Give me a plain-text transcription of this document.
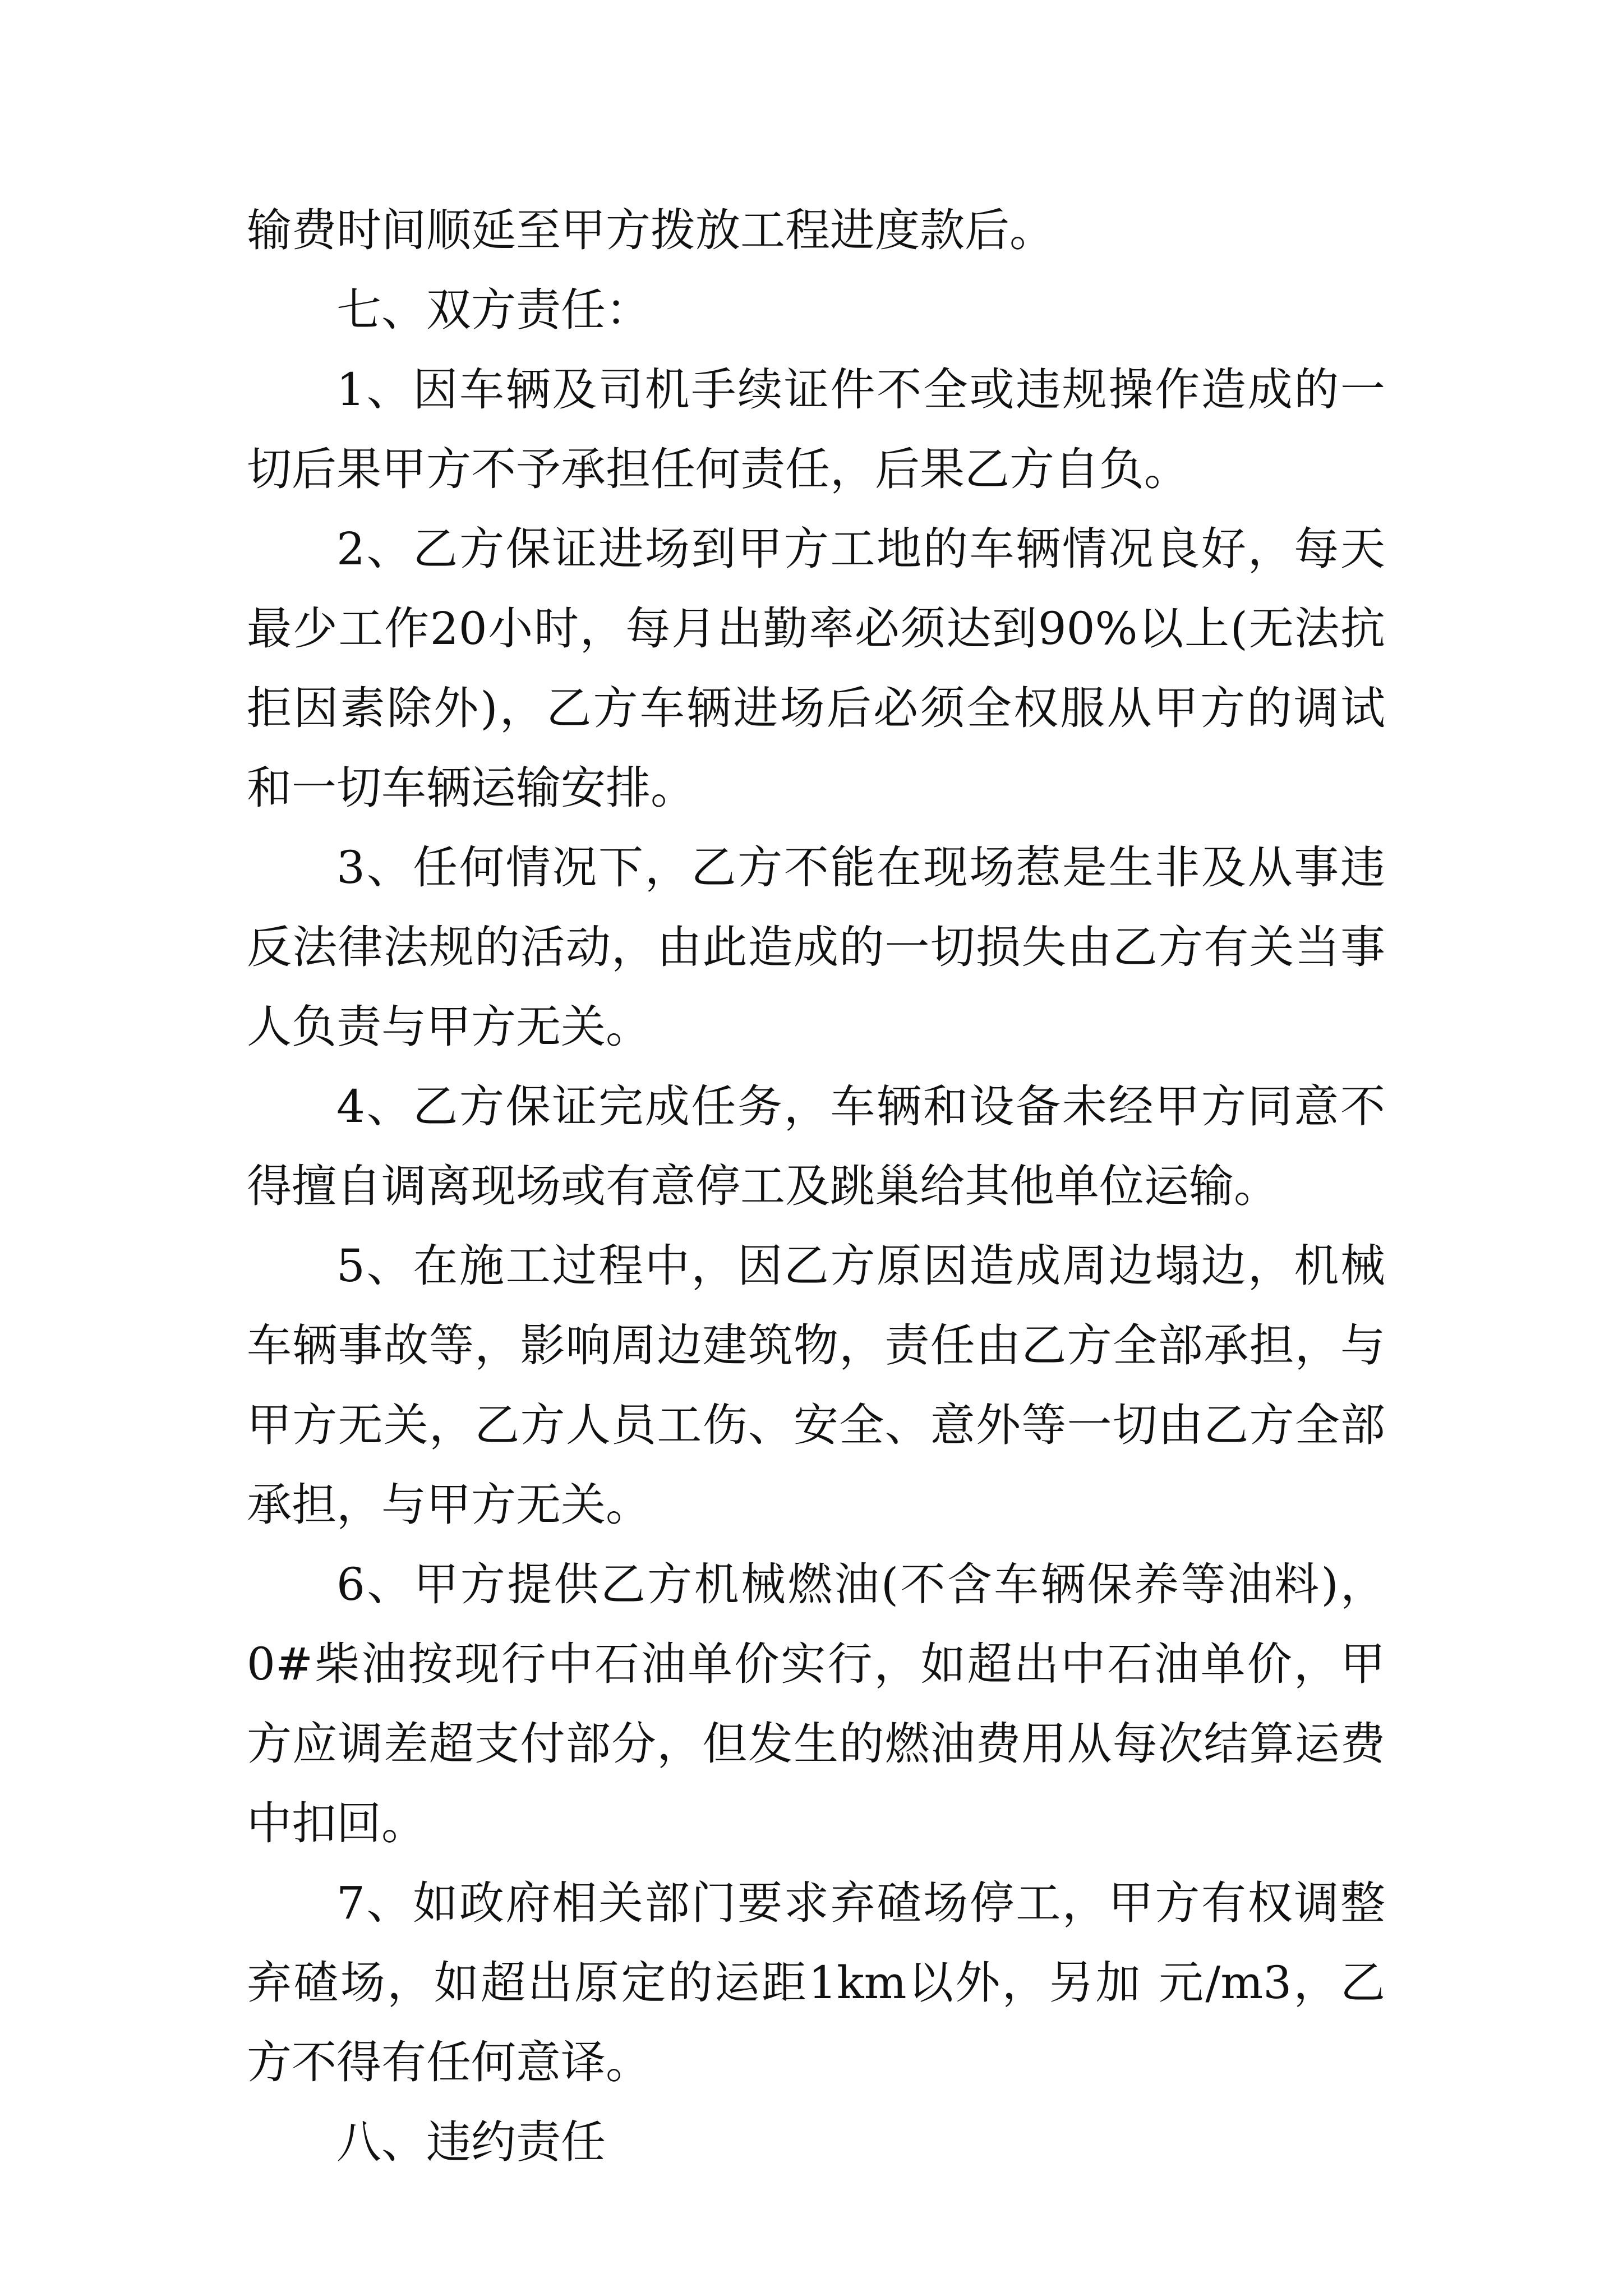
输费时间顺延至甲方拨放工程进度款后。

七、双方责任：

1、因车辆及司机手续证件不全或违规操作造成的一切后果甲方不予承担任何责任，后果乙方自负。

2、乙方保证进场到甲方工地的车辆情况良好，每天最少工作20小时，每月出勤率必须达到90%以上(无法抗拒因素除外)，乙方车辆进场后必须全权服从甲方的调试和一切车辆运输安排。

3、任何情况下，乙方不能在现场惹是生非及从事违反法律法规的活动，由此造成的一切损失由乙方有关当事人负责与甲方无关。

4、乙方保证完成任务，车辆和设备未经甲方同意不得擅自调离现场或有意停工及跳巢给其他单位运输。

5、在施工过程中，因乙方原因造成周边塌边，机械车辆事故等，影响周边建筑物，责任由乙方全部承担，与甲方无关，乙方人员工伤、安全、意外等一切由乙方全部承担，与甲方无关。

6、甲方提供乙方机械燃油(不含车辆保养等油料)，0#柴油按现行中石油单价实行，如超出中石油单价，甲方应调差超支付部分，但发生的燃油费用从每次结算运费中扣回。

7、如政府相关部门要求弃碴场停工，甲方有权调整弃碴场，如超出原定的运距1km以外，另加 元/m3，乙方不得有任何意译。

八、违约责任
